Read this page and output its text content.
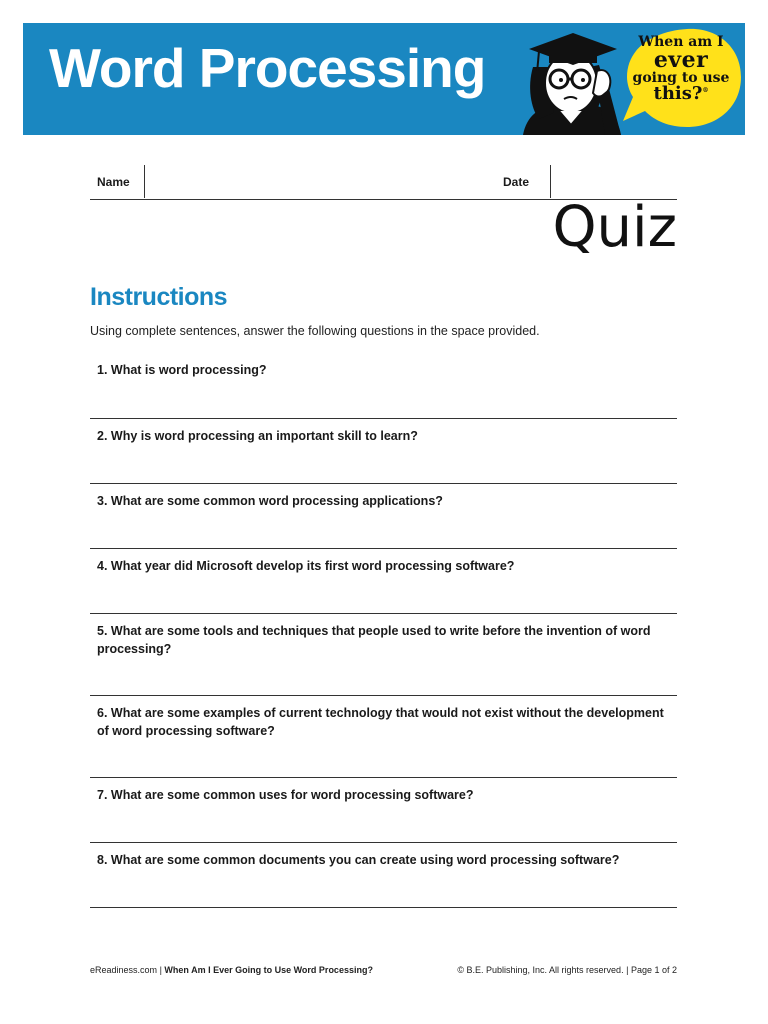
Word Processing	When am I
ever
going to use
this?®
Name	Date
Quiz
Instructions
Using complete sentences, answer the following questions in the space provided.

1. What is word processing?

2. Why is word processing an important skill to learn?

3. What are some common word processing applications?

4. What year did Microsoft develop its first word processing software?

5. What are some tools and techniques that people used to write before the invention of word processing?

6. What are some examples of current technology that would not exist without the development of word processing software?

7. What are some common uses for word processing software?

8. What are some common documents you can create using word processing software?

eReadiness.com | When Am I Ever Going to Use Word Processing?	© B.E. Publishing, Inc. All rights reserved. | Page 1 of 2
